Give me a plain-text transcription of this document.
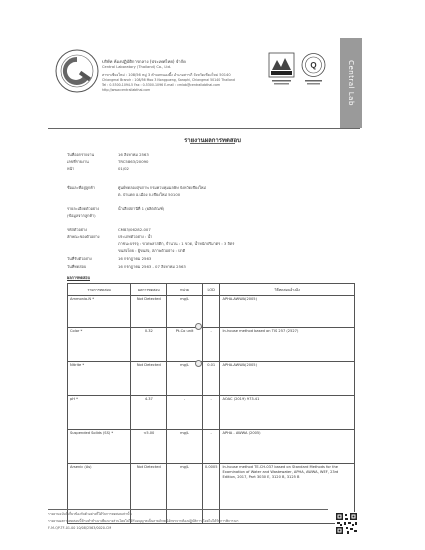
บริษัท ห้องปฏิบัติการกลาง (ประเทศไทย) จำกัด
Central Laboratory (Thailand) Co., Ltd.
สาขาเชียงใหม่ : 108/56 หมู่ 3 ตำบลหนองผึ้ง อำเภอสารภี จังหวัดเชียงใหม่ 50140
Chiangmai Branch : 108/56 Moo 3 Nongpueng, Saraphi, Chiangmai 50140 Thailand
Tel : 0-5300-1094-5 Fax : 0-5300-1096 E-mail : cmlab@centrallabthai.com
http://www.centrallabthai.com
Q	Central Lab
รายงานผลการทดสอบ
วันที่ออกรายงาน	16 สิงหาคม 2563
เลขที่รายงาน	TRC5863/20090
หน้า	01/02
ชื่อและที่อยู่ลูกค้า	ศูนย์ทดลองสุขภาพ กรมควบคุมมลพิษ จังหวัดเชียงใหม่
ต. ป่าแดด อ.เมือง จ.เชียงใหม่ 50100
รายละเอียดตัวอย่าง
(ข้อมูลจากลูกค้า)
น้ำเสียสถานีที่ 1 (ผลิตภัณฑ์)
รหัสตัวอย่าง	CM83/06282-007
ลักษณะของตัวอย่าง	ประเภทตัวอย่าง : น้ำ
ภาชนะบรรจุ : ขวดพลาสติก, จำนวน : 1 ขวด, น้ำหนักปริมาตร : 3 ลิตร
ขนส่งโดย : ผู้ขนส่ง, สภาพตัวอย่าง : ปกติ
วันที่รับตัวอย่าง	16 กรกฎาคม 2563
วันที่ทดสอบ	16 กรกฎาคม 2563 - 07 สิงหาคม 2563
ผลการทดสอบ
รายการทดสอบ	ผลการทดสอบ	หน่วย	LOD	วิธีทดสอบอ้างอิง
Ammonia-N *	Not Detected	mg/L		APHA-AWWA(2005)
Color *	0.32	Pt-Co unit	-	In-house method based on TIS 257 (2527)
Nitrite *	Not Detected	mg/L	0.01	APHA-AWWA(2005)
pH *	4.37	-	-	AOAC (2019) 973.41
Suspended Solids (SS) *	<5.00	mg/L	-	APHA - AWWA (2005)
Arsenic (As)	Not Detected	mg/L	0.0005	In-house method TE-CH-037 based on Standard Methods for the Examination of Water and Wastewater, APHA, AWWA, WEF, 23rd Edition, 2017, Part 3030 E, 3120 B, 3125 B
รายงานฉบับนี้เกี่ยวข้องกับตัวอย่างที่ได้รับการทดสอบเท่านั้น
รายงานผลการทดสอบนี้ห้ามทำสำเนาเพียงบางส่วนโดยไม่ได้รับอนุญาตเป็นลายลักษณ์อักษรจากห้องปฏิบัติการ โดยไม่ได้รับการพิจารณา
F-M-QP-TF-01-00 10/08/2563/0020-CM
